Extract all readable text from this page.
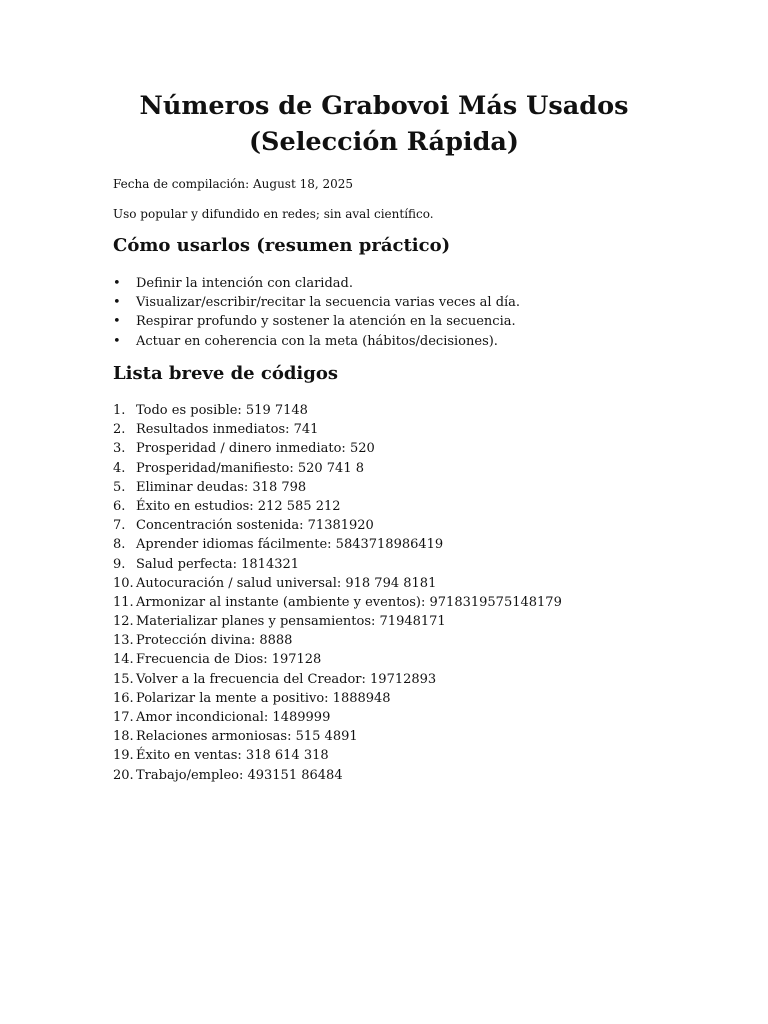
Números de Grabovoi Más Usados (Selección Rápida)

Fecha de compilación: August 18, 2025

Uso popular y difundido en redes; sin aval científico.

Cómo usarlos (resumen práctico)
• Definir la intención con claridad.
• Visualizar/escribir/recitar la secuencia varias veces al día.
• Respirar profundo y sostener la atención en la secuencia.
• Actuar en coherencia con la meta (hábitos/decisiones).
Lista breve de códigos
1. Todo es posible: 519 7148
2. Resultados inmediatos: 741
3. Prosperidad / dinero inmediato: 520
4. Prosperidad/manifiesto: 520 741 8
5. Eliminar deudas: 318 798
6. Éxito en estudios: 212 585 212
7. Concentración sostenida: 71381920
8. Aprender idiomas fácilmente: 5843718986419
9. Salud perfecta: 1814321
10. Autocuración / salud universal: 918 794 8181
11. Armonizar al instante (ambiente y eventos): 9718319575148179
12. Materializar planes y pensamientos: 71948171
13. Protección divina: 8888
14. Frecuencia de Dios: 197128
15. Volver a la frecuencia del Creador: 19712893
16. Polarizar la mente a positivo: 1888948
17. Amor incondicional: 1489999
18. Relaciones armoniosas: 515 4891
19. Éxito en ventas: 318 614 318
20. Trabajo/empleo: 493151 86484
